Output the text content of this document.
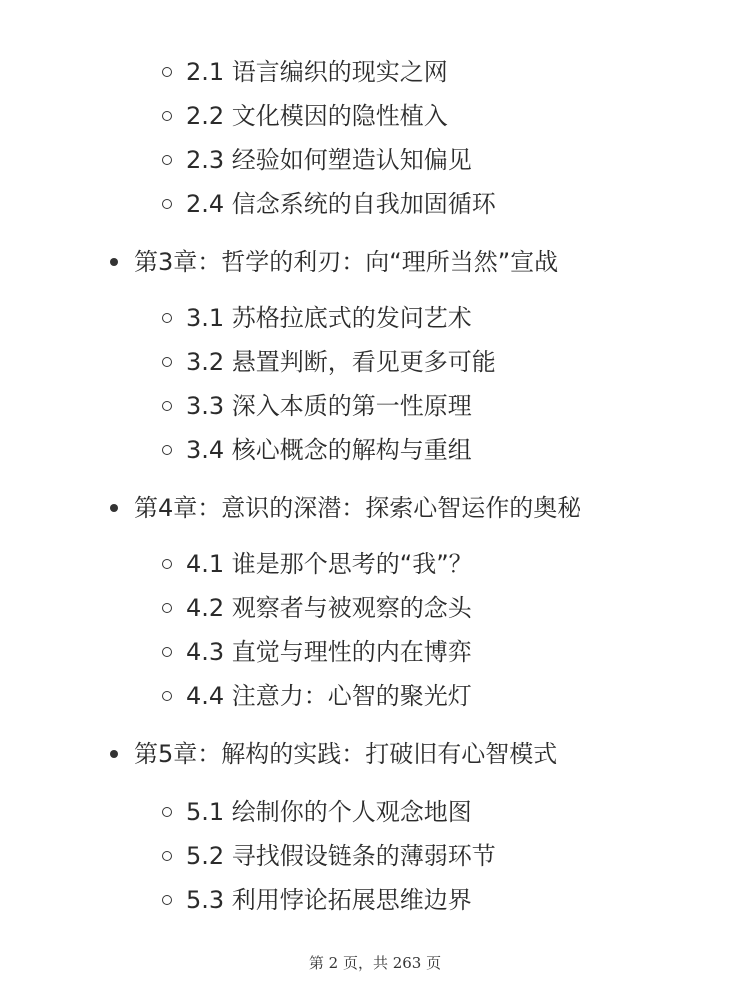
2.1 语言编织的现实之网
2.2 文化模因的隐性植入
2.3 经验如何塑造认知偏见
2.4 信念系统的自我加固循环
第3章：哲学的利刃：向“理所当然”宣战
3.1 苏格拉底式的发问艺术
3.2 悬置判断，看见更多可能
3.3 深入本质的第一性原理
3.4 核心概念的解构与重组
第4章：意识的深潜：探索心智运作的奥秘
4.1 谁是那个思考的“我”？
4.2 观察者与被观察的念头
4.3 直觉与理性的内在博弈
4.4 注意力：心智的聚光灯
第5章：解构的实践：打破旧有心智模式
5.1 绘制你的个人观念地图
5.2 寻找假设链条的薄弱环节
5.3 利用悖论拓展思维边界
第 2 页，共 263 页
